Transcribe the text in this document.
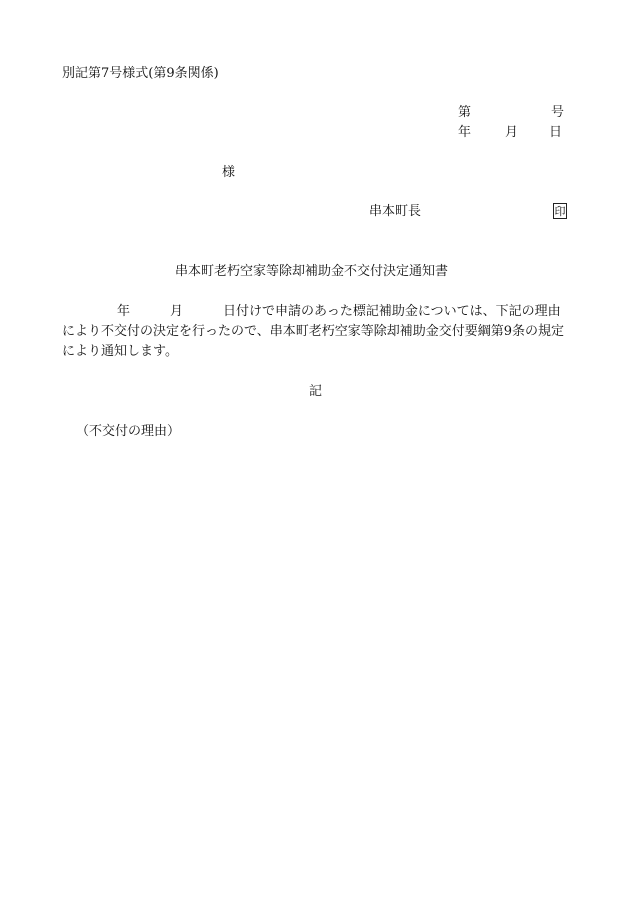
別記第7号様式(第9条関係)
第	号
年	月 日
様
串本町長	印
串本町老朽空家等除却補助金不交付決定通知書
年	月	日付けで申請のあった標記補助金については、下記の理由
により不交付の決定を行ったので、串本町老朽空家等除却補助金交付要綱第9条の規定
により通知します。
記
（不交付の理由）
